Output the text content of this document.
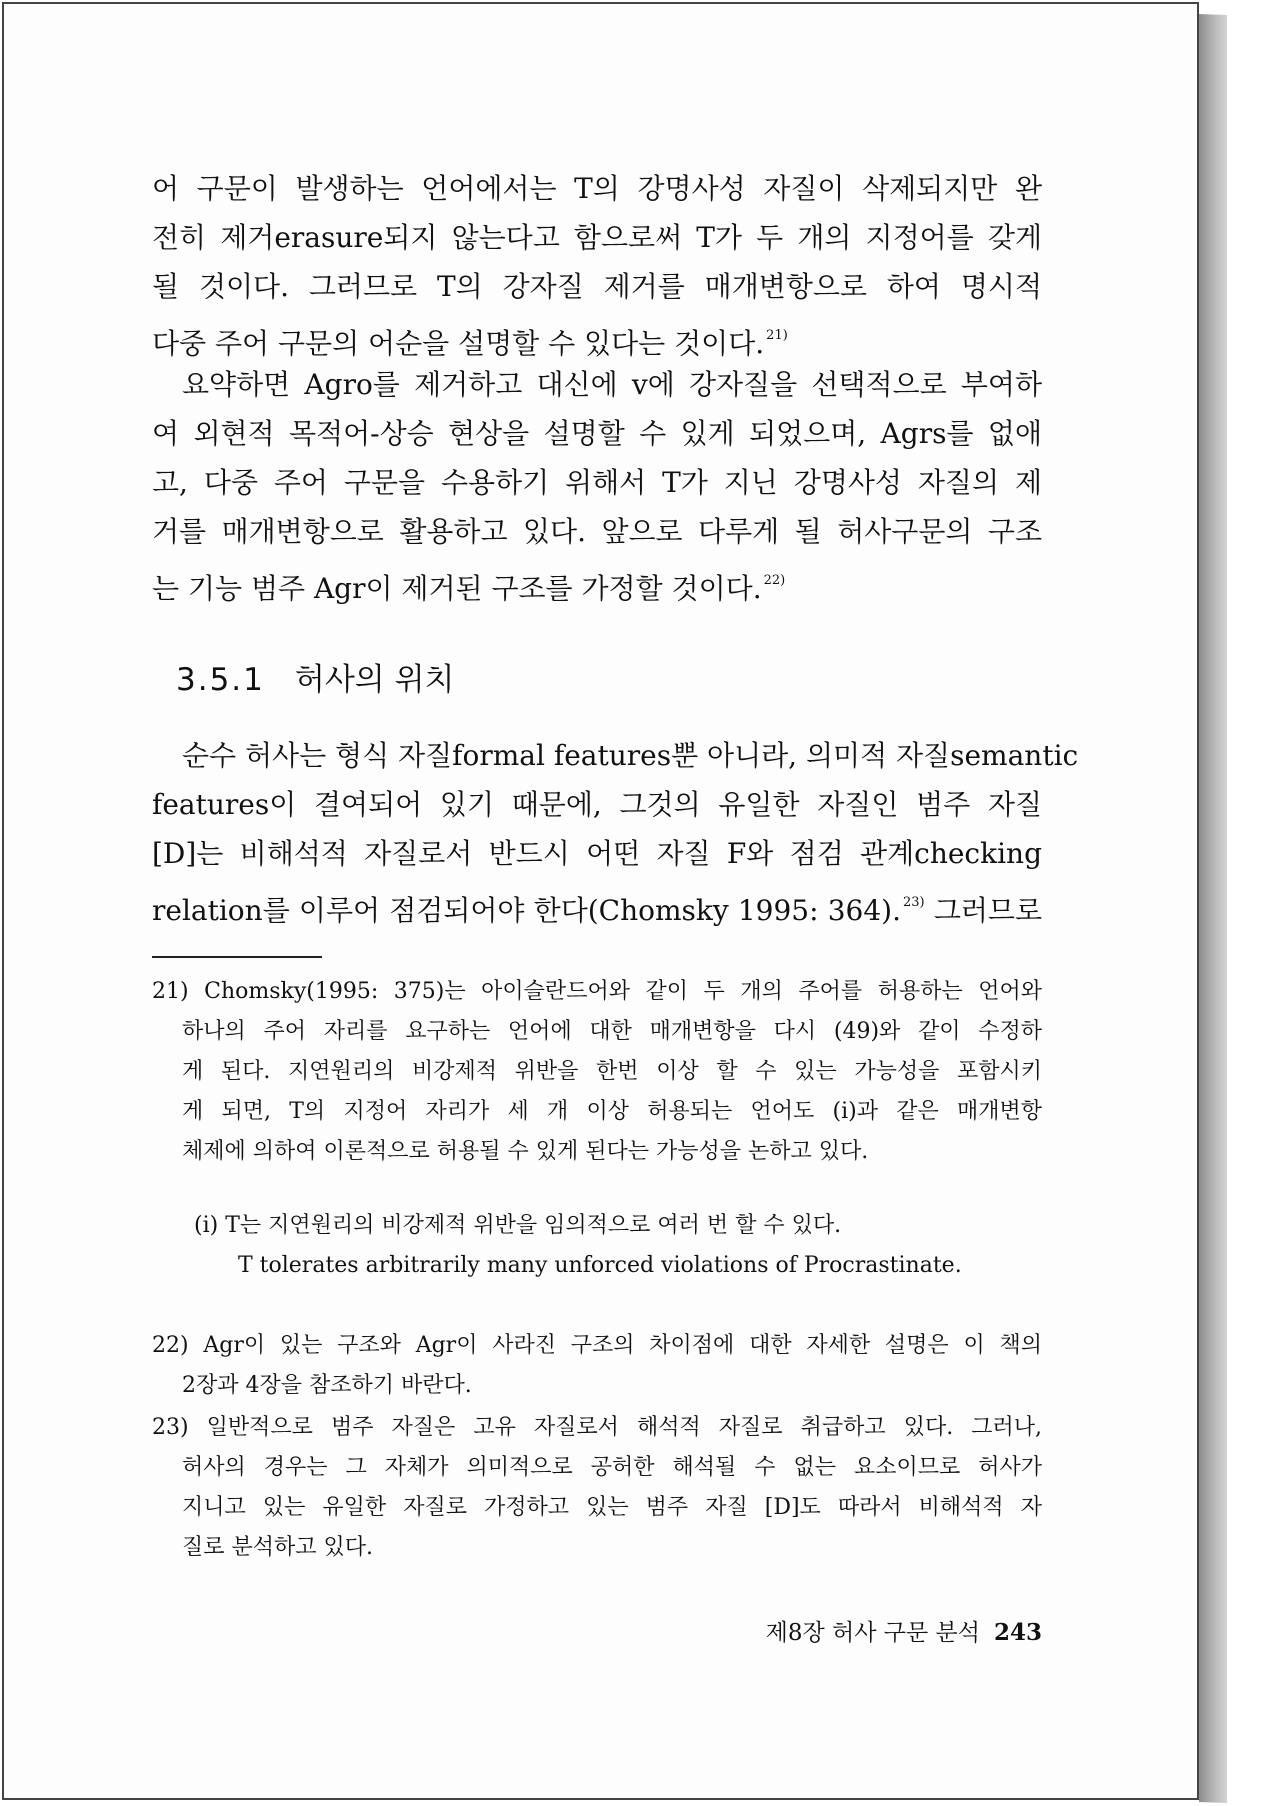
어 구문이 발생하는 언어에서는 T의 강명사성 자질이 삭제되지만 완
전히 제거erasure되지 않는다고 함으로써 T가 두 개의 지정어를 갖게
될 것이다. 그러므로 T의 강자질 제거를 매개변항으로 하여 명시적
다중 주어 구문의 어순을 설명할 수 있다는 것이다. $^{21)}$

요약하면 Agro를 제거하고 대신에 v에 강자질을 선택적으로 부여하
여 외현적 목적어-상승 현상을 설명할 수 있게 되었으며, Agrs를 없애
고, 다중 주어 구문을 수용하기 위해서 T가 지닌 강명사성 자질의 제
거를 매개변항으로 활용하고 있다. 앞으로 다루게 될 허사구문의 구조
는 기능 범주 Agr이 제거된 구조를 가정할 것이다. $^{22)}$

3.5.1 허사의 위치

순수 허사는 형식 자질formal features뿐 아니라, 의미적 자질semantic
features이 결여되어 있기 때문에, 그것의 유일한 자질인 범주 자질
[D]는 비해석적 자질로서 반드시 어떤 자질 F와 점검 관계checking
relation를 이루어 점검되어야 한다(Chomsky 1995: 364). $^{23)}$ 그러므로

21) Chomsky(1995: 375)는 아이슬란드어와 같이 두 개의 주어를 허용하는 언어와
하나의 주어 자리를 요구하는 언어에 대한 매개변항을 다시 (49)와 같이 수정하
게 된다. 지연원리의 비강제적 위반을 한번 이상 할 수 있는 가능성을 포함시키
게 되면, T의 지정어 자리가 세 개 이상 허용되는 언어도 (i)과 같은 매개변항
체제에 의하여 이론적으로 허용될 수 있게 된다는 가능성을 논하고 있다.
(i) T는 지연원리의 비강제적 위반을 임의적으로 여러 번 할 수 있다.
T tolerates arbitrarily many unforced violations of Procrastinate.
22) Agr이 있는 구조와 Agr이 사라진 구조의 차이점에 대한 자세한 설명은 이 책의
2장과 4장을 참조하기 바란다.
23) 일반적으로 범주 자질은 고유 자질로서 해석적 자질로 취급하고 있다. 그러나,
허사의 경우는 그 자체가 의미적으로 공허한 해석될 수 없는 요소이므로 허사가
지니고 있는 유일한 자질로 가정하고 있는 범주 자질 [D]도 따라서 비해석적 자
질로 분석하고 있다.
제8장 허사 구문 분석 243
